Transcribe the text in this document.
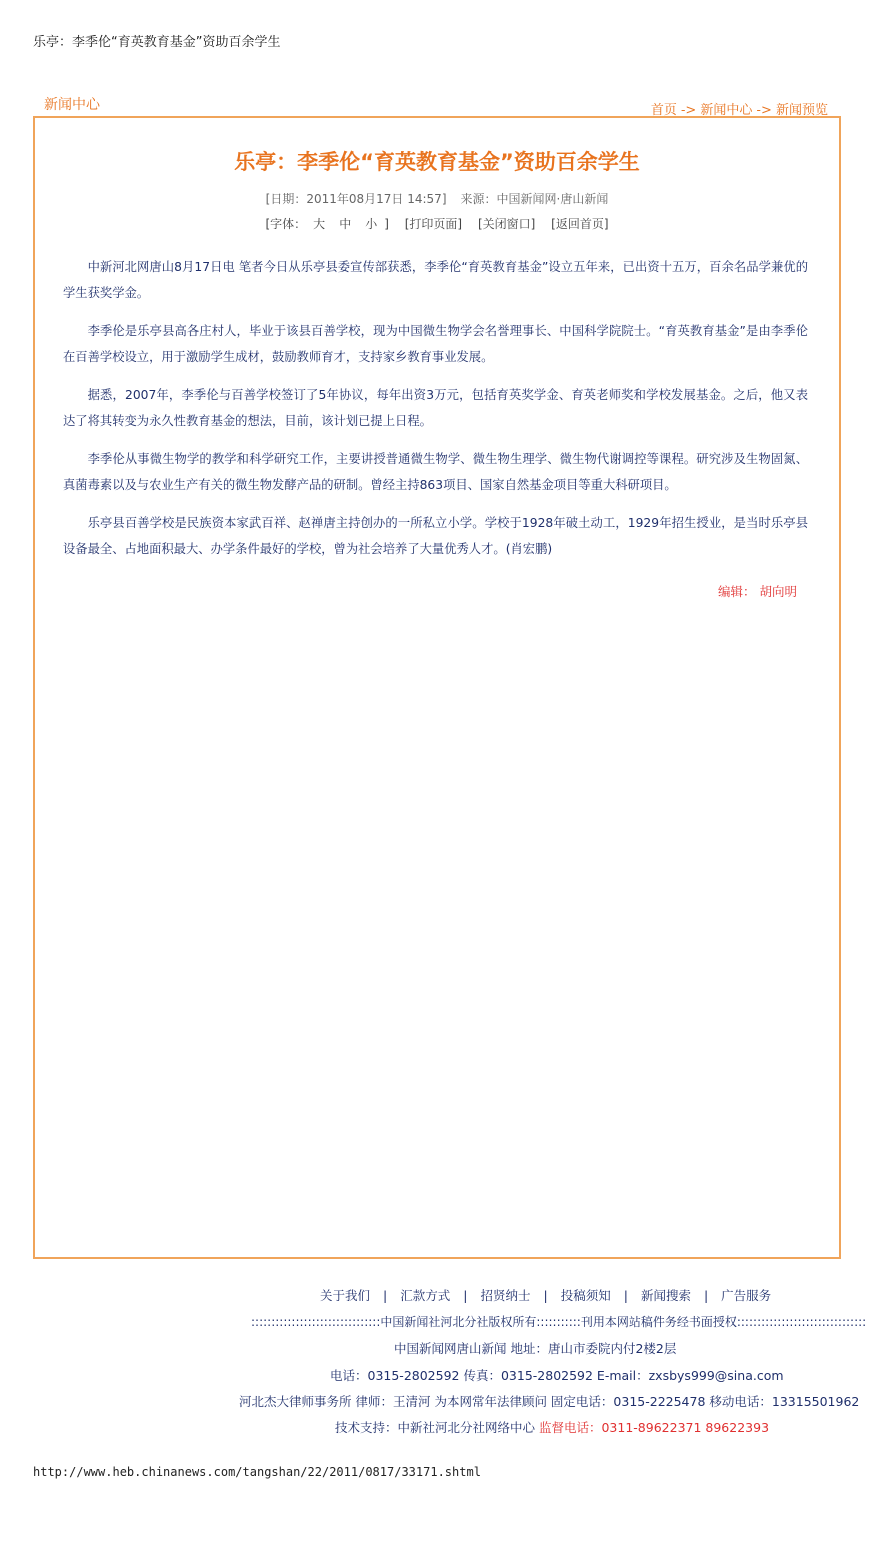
乐亭：李季伦“育英教育基金”资助百余学生
新闻中心	首页 -> 新闻中心 -> 新闻预览
乐亭：李季伦“育英教育基金”资助百余学生
[日期：2011年08月17日 14:57] 来源：中国新闻网·唐山新闻
[字体： 大 中 小 ] [打印页面] [关闭窗口] [返回首页]

中新河北网唐山8月17日电 笔者今日从乐亭县委宣传部获悉，李季伦“育英教育基金”设立五年来，已出资十五万，百余名品学兼优的学生获奖学金。

李季伦是乐亭县高各庄村人，毕业于该县百善学校，现为中国微生物学会名誉理事长、中国科学院院士。“育英教育基金”是由李季伦在百善学校设立，用于激励学生成材，鼓励教师育才，支持家乡教育事业发展。

据悉，2007年，李季伦与百善学校签订了5年协议，每年出资3万元，包括育英奖学金、育英老师奖和学校发展基金。之后，他又表达了将其转变为永久性教育基金的想法，目前，该计划已提上日程。

李季伦从事微生物学的教学和科学研究工作，主要讲授普通微生物学、微生物生理学、微生物代谢调控等课程。研究涉及生物固氮、真菌毒素以及与农业生产有关的微生物发酵产品的研制。曾经主持863项目、国家自然基金项目等重大科研项目。

乐亭县百善学校是民族资本家武百祥、赵禅唐主持创办的一所私立小学。学校于1928年破土动工，1929年招生授业，是当时乐亭县设备最全、占地面积最大、办学条件最好的学校，曾为社会培养了大量优秀人才。(肖宏鹏)

编辑： 胡向明
关于我们 | 汇款方式 | 招贤纳士 | 投稿须知 | 新闻搜索 | 广告服务
::::::::::::::::::::::::::::::::中国新闻社河北分社版权所有:::::::::::刊用本网站稿件务经书面授权::::::::::::::::::::::::::::::::
中国新闻网唐山新闻 地址：唐山市委院内付2楼2层
电话：0315-2802592 传真：0315-2802592 E-mail：zxsbys999@sina.com
河北杰大律师事务所 律师：王清河 为本网常年法律顾问 固定电话：0315-2225478 移动电话：13315501962
技术支持：中新社河北分社网络中心 监督电话：0311-89622371 89622393
http://www.heb.chinanews.com/tangshan/22/2011/0817/33171.shtml
